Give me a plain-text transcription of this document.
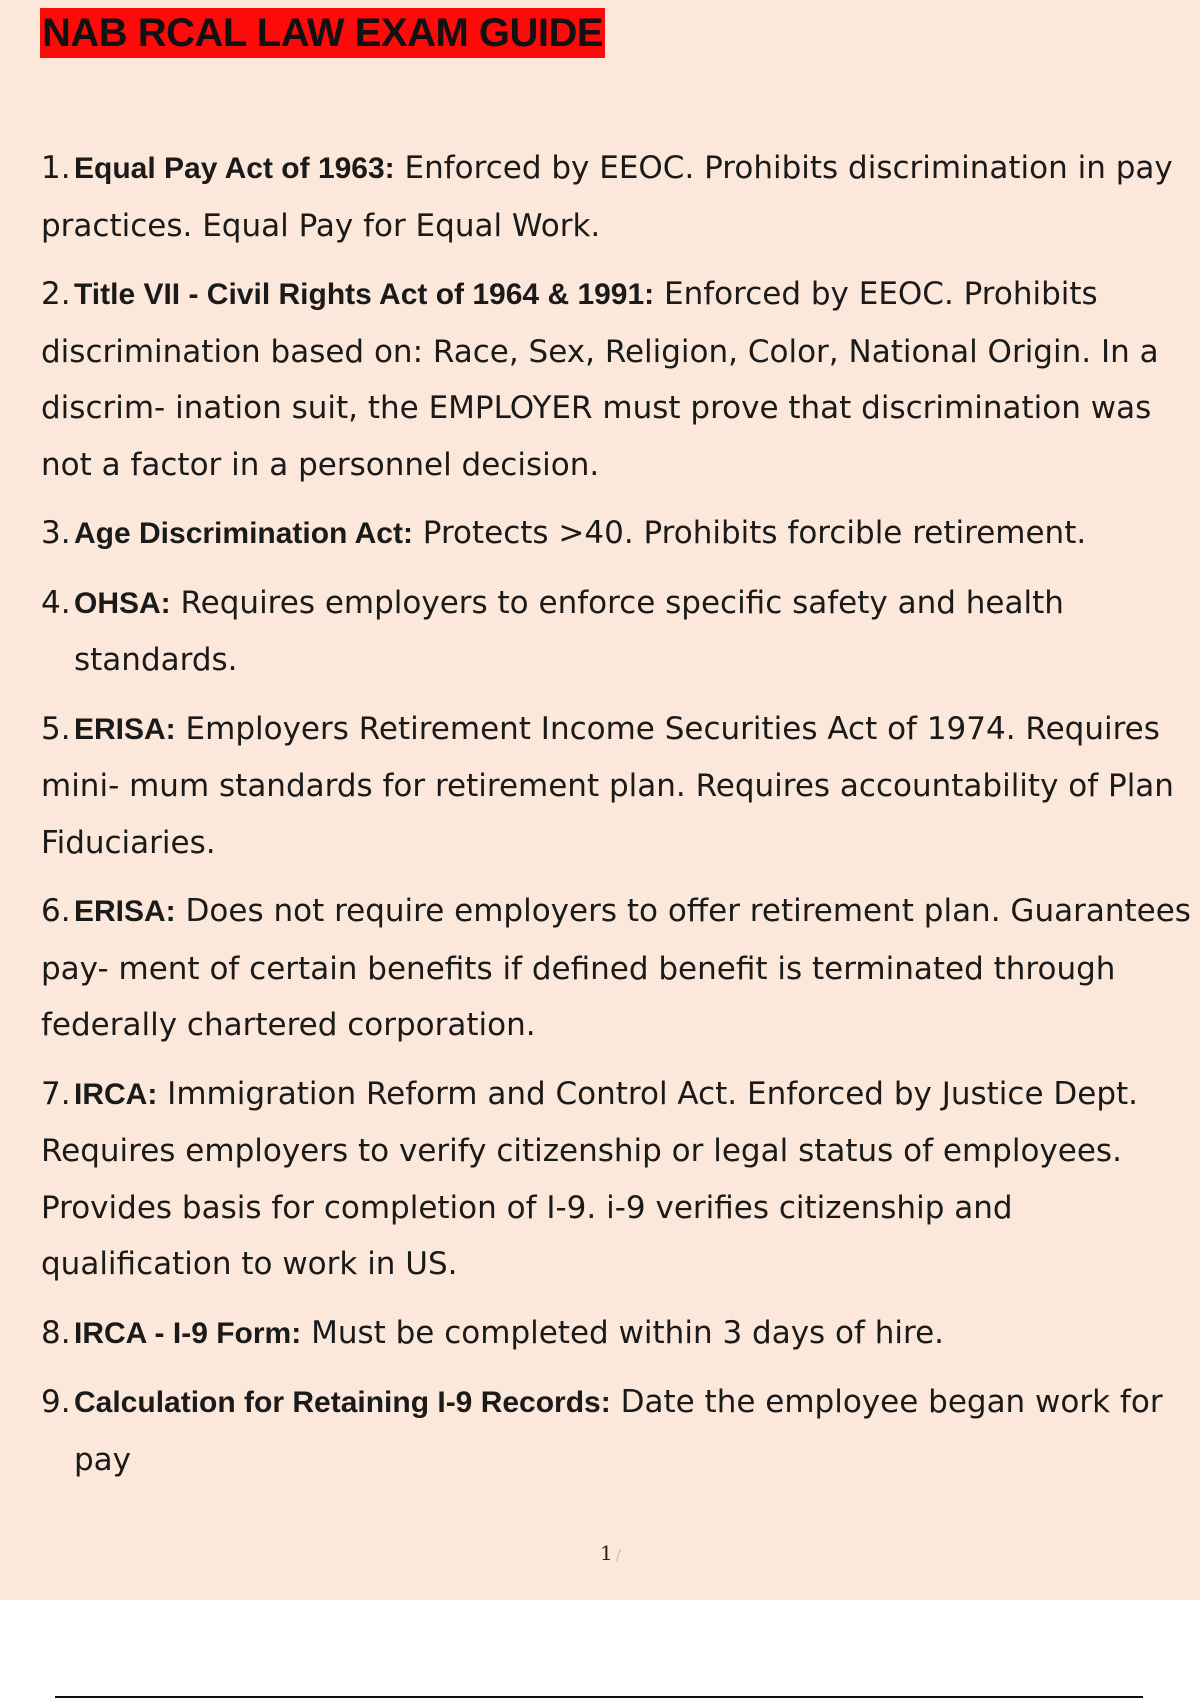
NAB RCAL LAW EXAM GUIDE
1. Equal Pay Act of 1963: Enforced by EEOC. Prohibits discrimination in pay practices. Equal Pay for Equal Work.
2. Title VII - Civil Rights Act of 1964 & 1991: Enforced by EEOC. Prohibits discrimination based on: Race, Sex, Religion, Color, National Origin. In a discrim- ination suit, the EMPLOYER must prove that discrimination was not a factor in a personnel decision.
3. Age Discrimination Act: Protects >40. Prohibits forcible retirement.
4. OHSA: Requires employers to enforce specific safety and health standards.
5. ERISA: Employers Retirement Income Securities Act of 1974. Requires mini- mum standards for retirement plan. Requires accountability of Plan Fiduciaries.
6. ERISA: Does not require employers to offer retirement plan. Guarantees pay- ment of certain benefits if defined benefit is terminated through federally chartered corporation.
7. IRCA: Immigration Reform and Control Act. Enforced by Justice Dept. Requires employers to verify citizenship or legal status of employees. Provides basis for completion of I-9. i-9 verifies citizenship and qualification to work in US.
8. IRCA - I-9 Form: Must be completed within 3 days of hire.
9. Calculation for Retaining I-9 Records: Date the employee began work for pay
1 /
